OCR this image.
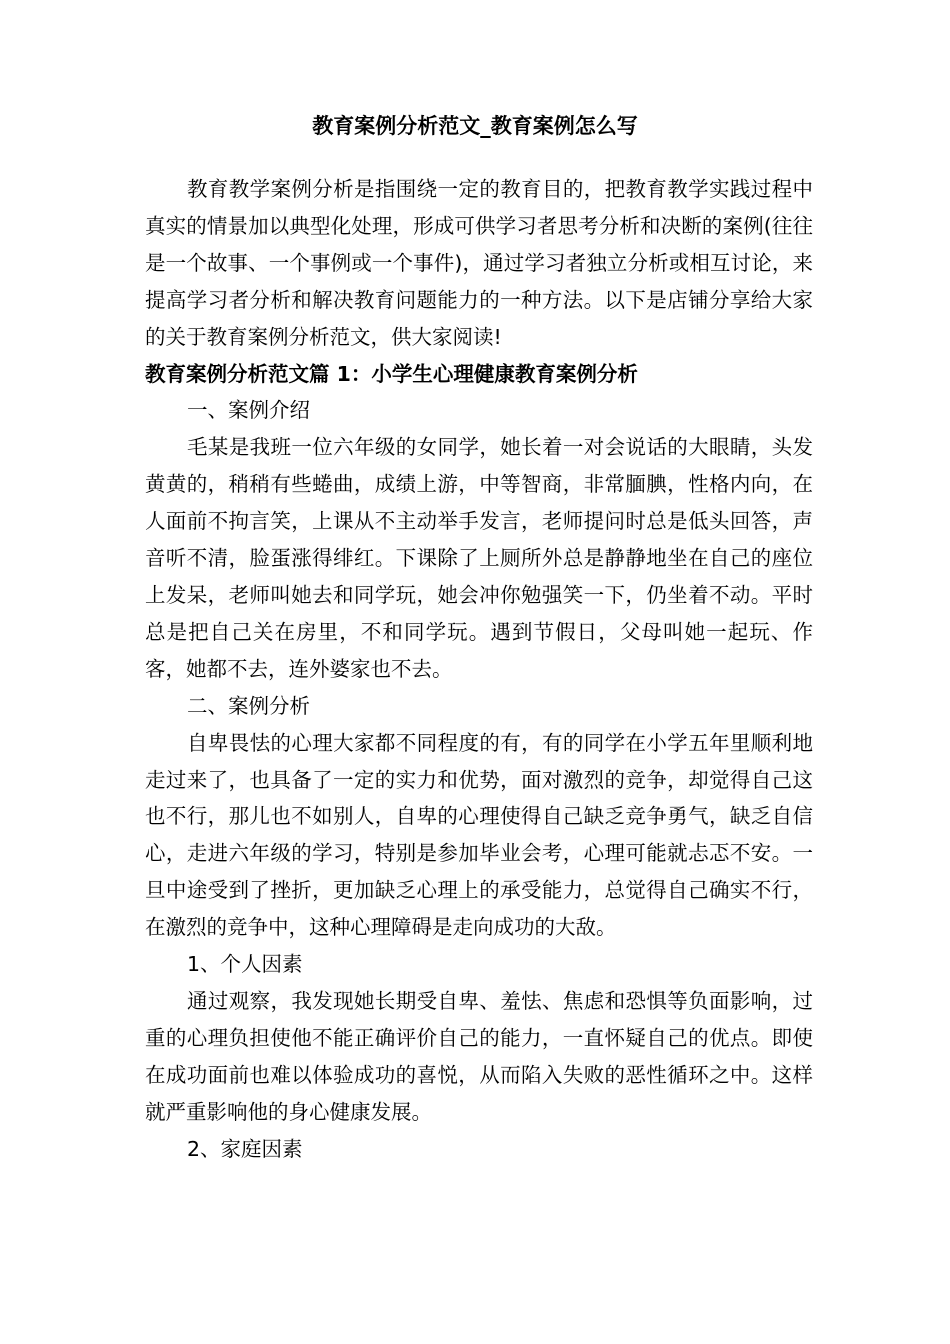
教育案例分析范文_教育案例怎么写

教育教学案例分析是指围绕一定的教育目的，把教育教学实践过程中真实的情景加以典型化处理，形成可供学习者思考分析和决断的案例(往往是一个故事、一个事例或一个事件)，通过学习者独立分析或相互讨论，来提高学习者分析和解决教育问题能力的一种方法。以下是店铺分享给大家的关于教育案例分析范文，供大家阅读!

教育案例分析范文篇 1：小学生心理健康教育案例分析

一、案例介绍

毛某是我班一位六年级的女同学，她长着一对会说话的大眼睛，头发黄黄的，稍稍有些蜷曲，成绩上游，中等智商，非常腼腆，性格内向，在人面前不拘言笑，上课从不主动举手发言，老师提问时总是低头回答，声音听不清，脸蛋涨得绯红。下课除了上厕所外总是静静地坐在自己的座位上发呆，老师叫她去和同学玩，她会冲你勉强笑一下，仍坐着不动。平时总是把自己关在房里，不和同学玩。遇到节假日，父母叫她一起玩、作客，她都不去，连外婆家也不去。

二、案例分析

自卑畏怯的心理大家都不同程度的有，有的同学在小学五年里顺利地走过来了，也具备了一定的实力和优势，面对激烈的竞争，却觉得自己这也不行，那儿也不如别人，自卑的心理使得自己缺乏竞争勇气，缺乏自信心，走进六年级的学习，特别是参加毕业会考，心理可能就忐忑不安。一旦中途受到了挫折，更加缺乏心理上的承受能力，总觉得自己确实不行，在激烈的竞争中，这种心理障碍是走向成功的大敌。

1、个人因素

通过观察，我发现她长期受自卑、羞怯、焦虑和恐惧等负面影响，过重的心理负担使他不能正确评价自己的能力，一直怀疑自己的优点。即使在成功面前也难以体验成功的喜悦，从而陷入失败的恶性循环之中。这样就严重影响他的身心健康发展。

2、家庭因素
